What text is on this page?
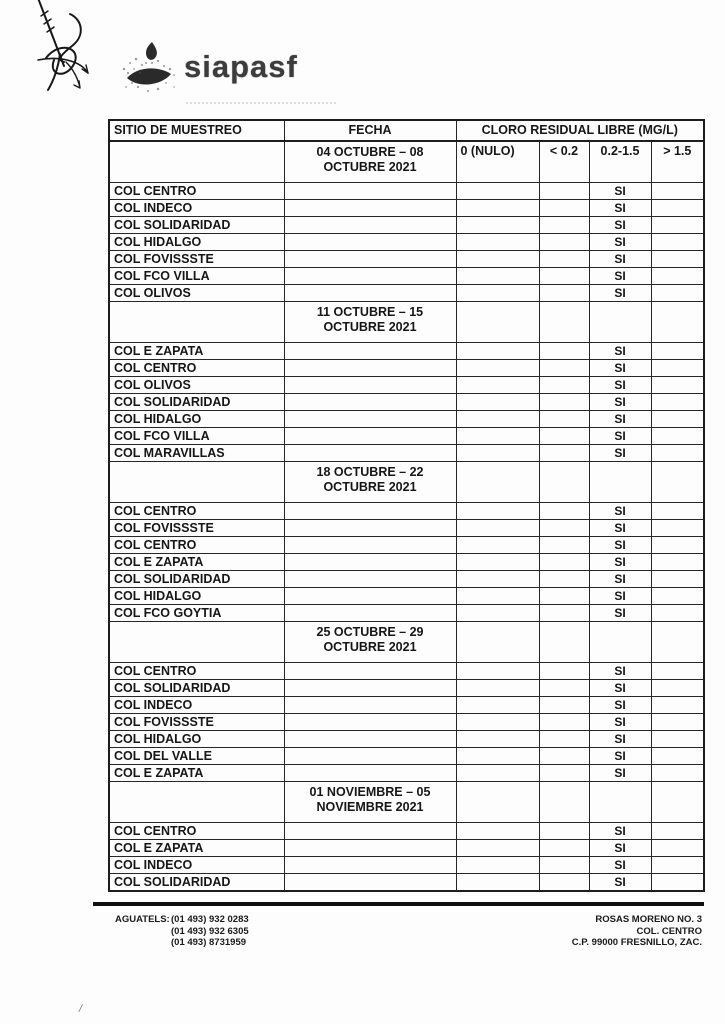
siapasf
SITIO DE MUESTREO	FECHA	CLORO RESIDUAL LIBRE (MG/L)			

	04 OCTUBRE – 08
OCTUBRE 2021	0 (NULO)	< 0.2	0.2-1.5	> 1.5
COL CENTRO				SI	
COL INDECO				SI	
COL SOLIDARIDAD				SI	
COL HIDALGO				SI	
COL FOVISSSTE				SI	
COL FCO VILLA				SI	
COL OLIVOS				SI	

	11 OCTUBRE – 15
OCTUBRE 2021				

COL E ZAPATA				SI	
COL CENTRO				SI	
COL OLIVOS				SI	
COL SOLIDARIDAD				SI	
COL HIDALGO				SI	
COL FCO VILLA				SI	
COL MARAVILLAS				SI	

	18 OCTUBRE – 22
OCTUBRE 2021				

COL CENTRO				SI	
COL FOVISSSTE				SI	
COL CENTRO				SI	
COL E ZAPATA				SI	
COL SOLIDARIDAD				SI	
COL HIDALGO				SI	
COL FCO GOYTIA				SI	

	25 OCTUBRE – 29
OCTUBRE 2021				

COL CENTRO				SI	
COL SOLIDARIDAD				SI	
COL INDECO				SI	
COL FOVISSSTE				SI	
COL HIDALGO				SI	
COL DEL VALLE				SI	
COL E ZAPATA				SI	

	01 NOVIEMBRE – 05
NOVIEMBRE 2021				

COL CENTRO				SI	
COL E ZAPATA				SI	
COL INDECO				SI	
COL SOLIDARIDAD				SI	
AGUATELS: (01 493) 932 0283
(01 493) 932 6305
(01 493) 8731959
ROSAS MORENO NO. 3
COL. CENTRO
C.P. 99000 FRESNILLO, ZAC.
/
